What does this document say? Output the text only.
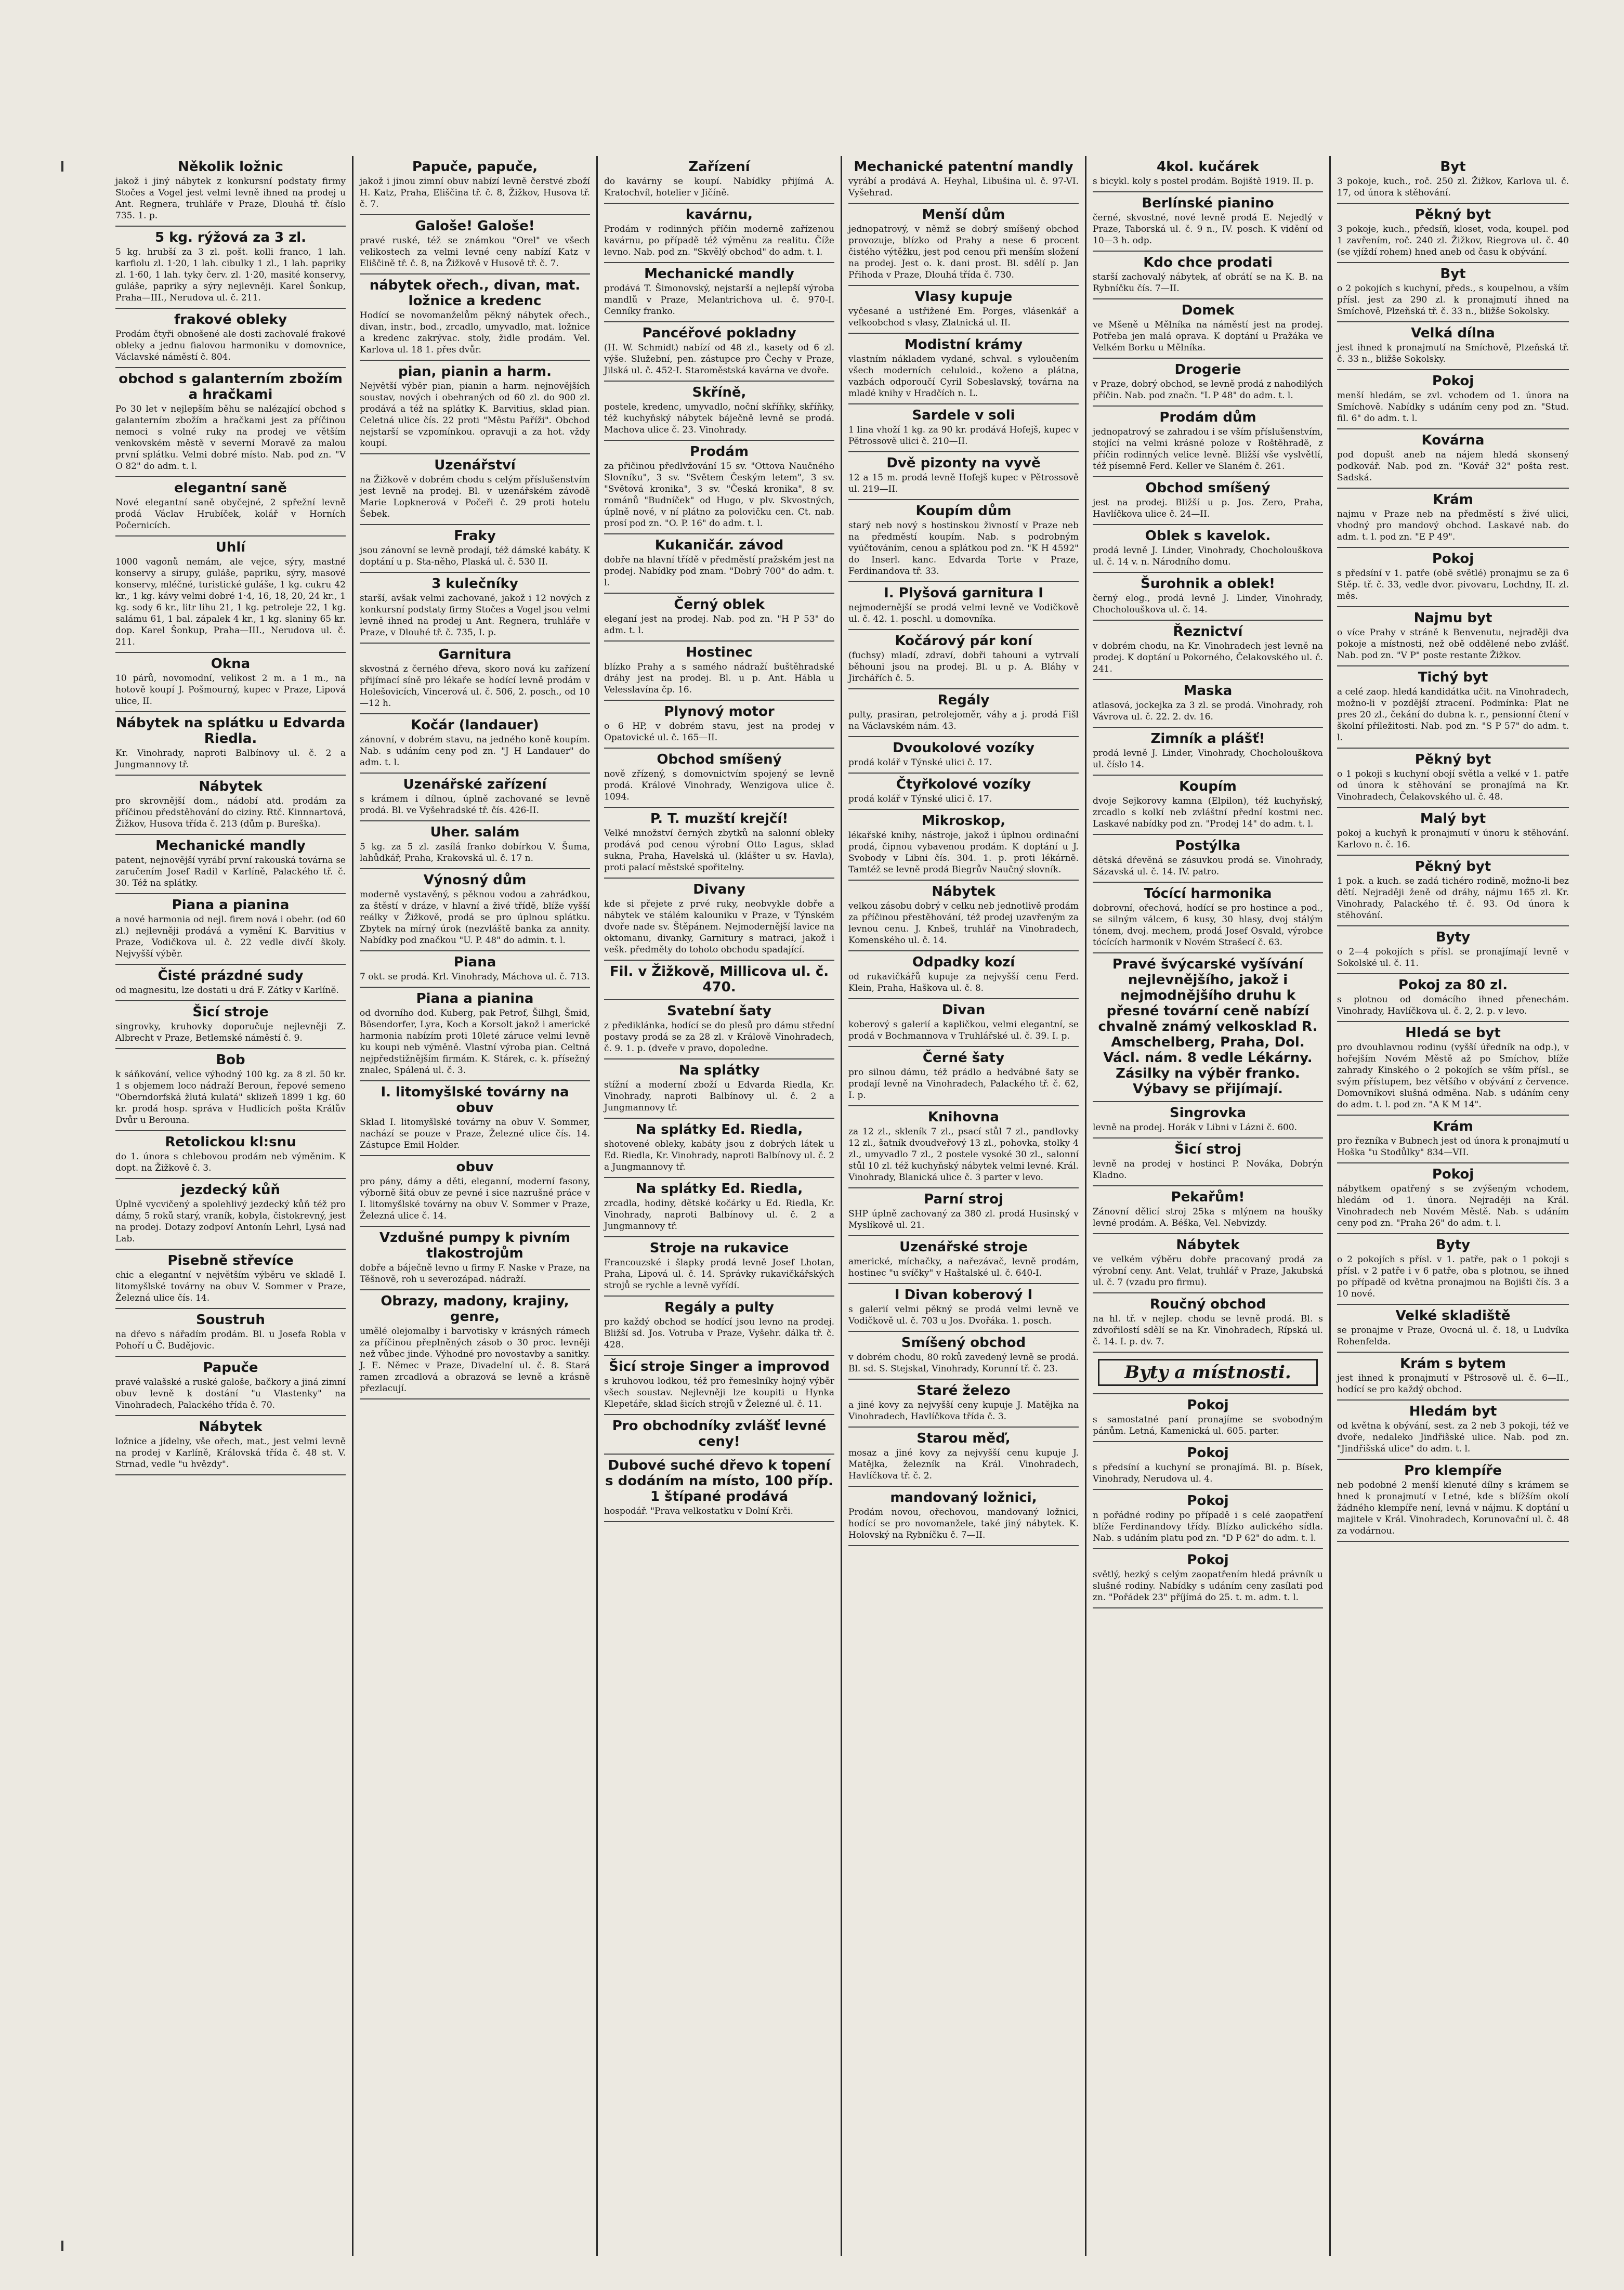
Několik ložnic

jakož i jiný nábytek z konkursní podstaty firmy Stočes a Vogel jest velmi levně ihned na prodej u Ant. Regnera, truhláře v Praze, Dlouhá tř. číslo 735. 1. p.

5 kg. rýžová za 3 zl.

5 kg. hrubší za 3 zl. pošt. kolli franco, 1 lah. karfiolu zl. 1·20, 1 lah. cibulky 1 zl., 1 lah. papriky zl. 1·60, 1 lah. tyky červ. zl. 1·20, masité konservy, guláše, papriky a sýry nejlevněji. Karel Šonkup, Praha—III., Nerudova ul. č. 211.

frakové obleky

Prodám čtyři obnošené ale dosti zachovalé frakové obleky a jednu fialovou harmoniku v domovnice, Václavské náměstí č. 804.

obchod s galanterním zbožím a hračkami

Po 30 let v nejlepším běhu se nalézající obchod s galanterním zbožím a hračkami jest za příčinou nemoci s volné ruky na prodej ve větším venkovském městě v severní Moravě za malou první splátku. Velmi dobré místo. Nab. pod zn. "V O 82" do adm. t. l.

elegantní saně

Nové elegantní saně obyčejné, 2 spřežní levně prodá Václav Hrubíček, kolář v Horních Počernicích.

Uhlí

1000 vagonů nemám, ale vejce, sýry, mastné konservy a sirupy, guláše, papriku, sýry, masové konservy, mléčné, turistické guláše, 1 kg. cukru 42 kr., 1 kg. kávy velmi dobré 1·4, 16, 18, 20, 24 kr., 1 kg. sody 6 kr., litr lihu 21, 1 kg. petroleje 22, 1 kg. salámu 61, 1 bal. zápalek 4 kr., 1 kg. slaniny 65 kr. dop. Karel Šonkup, Praha—III., Nerudova ul. č. 211.

Okna

10 párů, novomodní, velikost 2 m. a 1 m., na hotově koupí J. Pošmourný, kupec v Praze, Lipová ulice, II.

Nábytek na splátku u Edvarda Riedla.

Kr. Vinohrady, naproti Balbínovy ul. č. 2 a Jungmannovy tř.

Nábytek

pro skrovnější dom., nádobí atd. prodám za příčinou předstěhování do ciziny. Rtč. Kinnnartová, Žižkov, Husova třída č. 213 (dům p. Bureška).

Mechanické mandly

patent, nejnovější vyrábí první rakouská továrna se zaručením Josef Radil v Karlíně, Palackého tř. č. 30. Též na splátky.

Piana a pianina

a nové harmonia od nejl. firem nová i obehr. (od 60 zl.) nejlevněji prodává a vymění K. Barvitius v Praze, Vodičkova ul. č. 22 vedle divčí školy. Nejvyšší výběr.

Čisté prázdné sudy

od magnesitu, lze dostati u drá F. Zátky v Karlíně.

Šicí stroje

singrovky, kruhovky doporučuje nejlevněji Z. Albrecht v Praze, Betlemské náměstí č. 9.

Bob

k sáňkování, velice výhodný 100 kg. za 8 zl. 50 kr. 1 s objemem loco nádraží Beroun, řepové semeno "Oberndorfská žlutá kulatá" sklizeň 1899 1 kg. 60 kr. prodá hosp. správa v Hudlicích pošta Králův Dvůr u Berouna.

Retolickou kl:snu

do 1. února s chlebovou prodám neb výměnim. K dopt. na Žižkově č. 3.

jezdecký kůň

Úplně vycvičený a spolehlivý jezdecký kůň též pro dámy, 5 roků starý, vraník, kobyla, čistokrevný, jest na prodej. Dotazy zodpoví Antonín Lehrl, Lysá nad Lab.

Pisebně střevíce

chic a elegantní v největším výběru ve skladě I. litomyšlské továrny na obuv V. Sommer v Praze, Železná ulice čís. 14.

Soustruh

na dřevo s nářadím prodám. Bl. u Josefa Robla v Pohoří u Č. Budějovic.

Papuče

pravé valašské a ruské galoše, bačkory a jiná zimní obuv levně k dostání "u Vlastenky" na Vinohradech, Palackého třída č. 70.

Nábytek

ložnice a jídelny, vše ořech, mat., jest velmi levně na prodej v Karlíně, Královská třída č. 48 st. V. Strnad, vedle "u hvězdy".

Papuče, papuče,

jakož i jinou zimní obuv nabízí levně čerstvé zboží H. Katz, Praha, Eliščina tř. č. 8, Žižkov, Husova tř. č. 7.

Galoše! Galoše!

pravé ruské, též se známkou "Orel" ve všech velikostech za velmi levné ceny nabízí Katz v Eliščině tř. č. 8, na Žižkově v Husově tř. č. 7.

nábytek ořech., divan, mat. ložnice a kredenc

Hodící se novomanželům pěkný nábytek ořech., divan, instr., bod., zrcadlo, umyvadlo, mat. ložnice a kredenc zakrývac. stoly, židle prodám. Vel. Karlova ul. 18 1. přes dvůr.

pian, pianin a harm.

Největší výběr pian, pianin a harm. nejnovějších soustav, nových i obehraných od 60 zl. do 900 zl. prodává a též na splátky K. Barvitius, sklad pian. Celetná ulice čís. 22 proti "Městu Paříži". Obchod nejstarší se vzpomínkou. opravuji a za hot. vždy koupí.

Uzenářství

na Žižkově v dobrém chodu s celým příslušenstvím jest levně na prodej. Bl. v uzenářském závodě Marie Lopknerová v Počeři č. 29 proti hotelu Šebek.

Fraky

jsou zánovní se levně prodají, též dámské kabáty. K doptání u p. Sta-něho, Plaská ul. č. 530 II.

3 kulečníky

starší, avšak velmi zachované, jakož i 12 nových z konkursní podstaty firmy Stočes a Vogel jsou velmi levně ihned na prodej u Ant. Regnera, truhláře v Praze, v Dlouhé tř. č. 735, I. p.

Garnitura

skvostná z černého dřeva, skoro nová ku zařízení přijímací síně pro lékaře se hodící levně prodám v Holešovicích, Vincerová ul. č. 506, 2. posch., od 10—12 h.

Kočár (landauer)

zánovní, v dobrém stavu, na jedného koně koupím. Nab. s udáním ceny pod zn. "J H Landauer" do adm. t. l.

Uzenářské zařízení

s krámem i dílnou, úplně zachované se levně prodá. Bl. ve Vyšehradské tř. čís. 426-II.

Uher. salám

5 kg. za 5 zl. zasílá franko dobírkou V. Šuma, lahůdkář, Praha, Krakovská ul. č. 17 n.

Výnosný dům

moderně vystavěný, s pěknou vodou a zahrádkou, za štěstí v dráze, v hlavní a živé třídě, blíže vyšší reálky v Žižkově, prodá se pro úplnou splátku. Zbytek na mírný úrok (nezvláště banka za annity. Nabídky pod značkou "U. P. 48" do admin. t. l.

Piana

7 okt. se prodá. Krl. Vinohrady, Máchova ul. č. 713.

Piana a pianina

od dvorního dod. Kuberg, pak Petrof, Šilhgl, Šmid, Bösendorfer, Lyra, Koch a Korsolt jakož i americké harmonia nabízím proti 10leté záruce velmi levně ku koupi neb výměně. Vlastní výroba pian. Celtná nejpředstižnějším firmám. K. Stárek, c. k. přísežný znalec, Spálená ul. č. 3.

I. litomyšlské továrny na obuv

Sklad I. litomyšlské továrny na obuv V. Sommer, nachází se pouze v Praze, Železné ulice čís. 14. Zástupce Emil Holder.

obuv

pro pány, dámy a děti, eleganní, moderní fasony, výborně šitá obuv ze pevné i sice nazrušné práce v I. litomyšlské továrny na obuv V. Sommer v Praze, Železná ulice č. 14.

Vzdušné pumpy k pivním tlakostrojům

dobře a báječně levno u firmy F. Naske v Praze, na Těšnově, roh u severozápad. nádraží.

Obrazy, madony, krajiny, genre,

umělé olejomalby i barvotisky v krásných rámech za příčinou přeplněných zásob o 30 proc. levněji než vůbec jinde. Výhodné pro novostavby a sanitky. J. E. Němec v Praze, Divadelní ul. č. 8. Stará ramen zrcadlová a obrazová se levně a krásně přezlacují.

Zařízení

do kavárny se koupí. Nabídky přijímá A. Kratochvíl, hotelier v Jičíně.

kavárnu,

Prodám v rodinných příčin moderně zařízenou kavárnu, po případě též výměnu za realitu. Číže levno. Nab. pod zn. "Skvělý obchod" do adm. t. l.

Mechanické mandly

prodává T. Šimonovský, nejstarší a nejlepší výroba mandlů v Praze, Melantrichova ul. č. 970-I. Cenníky franko.

Pancéřové pokladny

(H. W. Schmidt) nabízí od 48 zl., kasety od 6 zl. výše. Služební, pen. zástupce pro Čechy v Praze, Jilská ul. č. 452-I. Staroměstská kavárna ve dvoře.

Skříně,

postele, kredenc, umyvadlo, noční skříňky, skříňky, též kuchyňský nábytek báječně levně se prodá. Machova ulice č. 23. Vinohrady.

Prodám

za přičinou předlvžování 15 sv. "Ottova Naučného Slovníku", 3 sv. "Světem Českým letem", 3 sv. "Světová kronika", 3 sv. "Česká kronika", 8 sv. románů "Budníček" od Hugo, v plv. Skvostných, úplně nové, v ní plátno za polovičku cen. Ct. nab. prosí pod zn. "O. P. 16" do adm. t. l.

Kukaničár. závod

dobře na hlavní třídě v předměstí pražském jest na prodej. Nabídky pod znam. "Dobrý 700" do adm. t. l.

Černý oblek

eleganí jest na prodej. Nab. pod zn. "H P 53" do adm. t. l.

Hostinec

blízko Prahy a s samého nádraží buštěhradské dráhy jest na prodej. Bl. u p. Ant. Hábla u Velesslavína čp. 16.

Plynový motor

o 6 HP, v dobrém stavu, jest na prodej v Opatovické ul. č. 165—II.

Obchod smíšený

nově zřízený, s domovnictvím spojený se levně prodá. Králové Vinohrady, Wenzigova ulice č. 1094.

P. T. muzští krejčí!

Velké množství černých zbytků na salonní obleky prodává pod cenou výrobní Otto Lagus, sklad sukna, Praha, Havelská ul. (klášter u sv. Havla), proti palací městské spořitelny.

Divany

kde si přejete z prvé ruky, neobvykle dobře a nábytek ve stálém kalouniku v Praze, v Týnském dvoře nade sv. Štěpánem. Nejmodernější lavice na oktomanu, divanky, Garnitury s matraci, jakož i vešk. předměty do tohoto obchodu spadající.

Fil. v Žižkově, Millicova ul. č. 470.
Svatební šaty

z přediklánka, hodící se do plesů pro dámu střední postavy prodá se za 28 zl. v Králově Vinohradech, č. 9. 1. p. (dveře v pravo, dopoledne.

Na splátky

stížní a moderní zboží u Edvarda Riedla, Kr. Vinohrady, naproti Balbínovy ul. č. 2 a Jungmannovy tř.

Na splátky Ed. Riedla,

shotovené obleky, kabáty jsou z dobrých látek u Ed. Riedla, Kr. Vinohrady, naproti Balbínovy ul. č. 2 a Jungmannovy tř.

Na splátky Ed. Riedla,

zrcadla, hodiny, dětské kočárky u Ed. Riedla, Kr. Vinohrady, naproti Balbínovy ul. č. 2 a Jungmannovy tř.

Stroje na rukavice

Francouzské i šlapky prodá levně Josef Lhotan, Praha, Lipová ul. č. 14. Správky rukavičkářských strojů se rychle a levně vyřídí.

Regály a pulty

pro každý obchod se hodící jsou levno na prodej. Bližší sd. Jos. Votruba v Praze, Vyšehr. dálka tř. č. 428.

Šicí stroje Singer a improvod

s kruhovou lodkou, též pro řemeslníky hojný výběr všech soustav. Nejlevněji lze koupiti u Hynka Klepetáře, sklad šicích strojů v Železné ul. č. 11.

Pro obchodníky zvlášť levné ceny!
Dubové suché dřevo k topení s dodáním na místo, 100 příp. 1 štípané prodává

hospodář. "Prava velkostatku v Dolní Krči.

Mechanické patentní mandly

vyrábí a prodává A. Heyhal, Libušina ul. č. 97-VI. Vyšehrad.

Menší dům

jednopatrový, v němž se dobrý smíšený obchod provozuje, blízko od Prahy a nese 6 procent čistého výtěžku, jest pod cenou při menším složení na prodej. Jest o. k. dani prost. Bl. sdělí p. Jan Přihoda v Praze, Dlouhá třída č. 730.

Vlasy kupuje

vyčesané a ustřižené Em. Porges, vlásenkář a velkoobchod s vlasy, Zlatnická ul. II.

Modistní krámy

vlastním nákladem vydané, schval. s vyloučením všech moderních celuloid., koženo a plátna, vazbách odporoučí Cyril Sobeslavský, továrna na mladé knihy v Hradčích n. L.

Sardele v soli

1 lina vhoží 1 kg. za 90 kr. prodává Hofejš, kupec v Pětrossově ulici č. 210—II.

Dvě pizonty na vyvě

12 a 15 m. prodá levně Hofejš kupec v Pětrossově ul. 219—II.

Koupím dům

starý neb nový s hostinskou živností v Praze neb na předměstí koupím. Nab. s podrobným vyúčtováním, cenou a splátkou pod zn. "K H 4592" do Inserl. kanc. Edvarda Torte v Praze, Ferdinandova tř. 33.

I. Plyšová garnitura I

nejmodernější se prodá velmi levně ve Vodičkově ul. č. 42. 1. poschl. u domovníka.

Kočárový pár koní

(fuchsy) mladí, zdraví, dobři tahouni a vytrvalí běhouni jsou na prodej. Bl. u p. A. Bláhy v Jirchářích č. 5.

Regály

pulty, prasiran, petrolejoměr, váhy a j. prodá Fišl na Václavském nám. 43.

Dvoukolové vozíky

prodá kolář v Týnské ulici č. 17.

Čtyřkolové vozíky

prodá kolář v Týnské ulici č. 17.

Mikroskop,

lékařské knihy, nástroje, jakož i úplnou ordinační prodá, čipnou vybavenou prodám. K doptání u J. Svobody v Libni čís. 304. 1. p. proti lékárně. Tamtéž se levně prodá Biegrův Naučný slovník.

Nábytek

velkou zásobu dobrý v celku neb jednotlivě prodám za příčinou přestěhování, též prodej uzavřeným za levnou cenu. J. Knbeš, truhlář na Vinohradech, Komenského ul. č. 14.

Odpadky kozí

od rukavičkářů kupuje za nejvyšší cenu Ferd. Klein, Praha, Haškova ul. č. 8.

Divan

koberový s galerií a kapličkou, velmi elegantní, se prodá v Bochmannova v Truhlářské ul. č. 39. I. p.

Černé šaty

pro silnou dámu, též prádlo a hedvábné šaty se prodají levně na Vinohradech, Palackého tř. č. 62, I. p.

Knihovna

za 12 zl., skleník 7 zl., psací stůl 7 zl., pandlovky 12 zl., šatník dvoudveřový 13 zl., pohovka, stolky 4 zl., umyvadlo 7 zl., 2 postele vysoké 30 zl., salonní stůl 10 zl. též kuchyňský nábytek velmi levné. Král. Vinohrady, Blanická ulice č. 3 parter v levo.

Parní stroj

SHP úplně zachovaný za 380 zl. prodá Husinský v Myslíkově ul. 21.

Uzenářské stroje

americké, míchačky, a nařezávač, levně prodám, hostinec "u svíčky" v Haštalské ul. č. 640-I.

I Divan koberový I

s galerií velmi pěkný se prodá velmi levně ve Vodičkově ul. č. 703 u Jos. Dvořáka. 1. posch.

Smíšený obchod

v dobrém chodu, 80 roků zavedený levně se prodá. Bl. sd. S. Stejskal, Vinohrady, Korunní tř. č. 23.

Staré železo

a jiné kovy za nejvyšší ceny kupuje J. Matějka na Vinohradech, Havlíčkova třída č. 3.

Starou měď,

mosaz a jiné kovy za nejvyšší cenu kupuje J. Matějka, železník na Král. Vinohradech, Havlíčkova tř. č. 2.

mandovaný ložnici,

Prodám novou, ořechovou, mandovaný ložnici, hodící se pro novomanžele, také jiný nábytek. K. Holovský na Rybníčku č. 7—II.

4kol. kučárek

s bicykl. koly s postel prodám. Bojiště 1919. II. p.

Berlínské pianino

černé, skvostné, nové levně prodá E. Nejedlý v Praze, Taborská ul. č. 9 n., IV. posch. K vidění od 10—3 h. odp.

Kdo chce prodati

starší zachovalý nábytek, ať obrátí se na K. B. na Rybníčku čís. 7—II.

Domek

ve Mšeně u Mělníka na náměstí jest na prodej. Potřeba jen malá oprava. K doptání u Pražáka ve Velkém Borku u Mělníka.

Drogerie

v Praze, dobrý obchod, se levně prodá z nahodilých příčin. Nab. pod značn. "L P 48" do adm. t. l.

Prodám dům

jednopatrový se zahradou i se vším příslušenstvím, stojící na velmi krásné poloze v Roštěhradě, z příčin rodinných velice levně. Bližší vše vyslvětlí, též písemně Ferd. Keller ve Slaném č. 261.

Obchod smíšený

jest na prodej. Bližší u p. Jos. Zero, Praha, Havlíčkova ulice č. 24—II.

Oblek s kavelok.

prodá levně J. Linder, Vinohrady, Chocholouškova ul. č. 14 v. n. Národního domu.

Šurohnik a oblek!

černý elog., prodá levně J. Linder, Vinohrady, Chocholouškova ul. č. 14.

Řeznictví

v dobrém chodu, na Kr. Vinohradech jest levně na prodej. K doptání u Pokorného, Čelakovského ul. č. 241.

Maska

atlasová, jockejka za 3 zl. se prodá. Vinohrady, roh Vávrova ul. č. 22. 2. dv. 16.

Zimník a plášť!

prodá levně J. Linder, Vinohrady, Chocholouškova ul. číslo 14.

Koupím

dvoje Sejkorovy kamna (Elpilon), též kuchyňský, zrcadlo s kolkí neb zvláštní přední kostmi nec. Laskavé nabídky pod zn. "Prodej 14" do adm. t. l.

Postýlka

dětská dřevěná se zásuvkou prodá se. Vinohrady, Sázavská ul. č. 14. IV. patro.

Tócící harmonika

dobrovní, ořechová, hodící se pro hostince a pod., se silným válcem, 6 kusy, 30 hlasy, dvoj stálým tónem, dvoj. mechem, prodá Josef Osvald, výrobce tócících harmonik v Novém Strašecí č. 63.

Pravé švýcarské vyšívání nejlevnějšího, jakož i nejmodnějšího druhu k přesné tovární ceně nabízí chvalně známý velkosklad R. Amschelberg, Praha, Dol. Václ. nám. 8 vedle Lékárny. Zásilky na výběr franko. Výbavy se přijímají.
Singrovka

levně na prodej. Horák v Libni v Lázni č. 600.

Šicí stroj

levně na prodej v hostinci P. Nováka, Dobrýn Kladno.

Pekařům!

Zánovní dělicí stroj 25ka s mlýnem na houšky levné prodám. A. Béška, Vel. Nebvizdy.

Nábytek

ve velkém výběru dobře pracovaný prodá za výrobní ceny. Ant. Velat, truhlář v Praze, Jakubská ul. č. 7 (vzadu pro firmu).

Roučný obchod

na hl. tř. v nejlep. chodu se levně prodá. Bl. s zdvořilostí sdělí se na Kr. Vinohradech, Rípská ul. č. 14. I. p. dv. 7.

Byty a místnosti.
Pokoj

s samostatné paní pronajíme se svobodným pánům. Letná, Kamenická ul. 605. parter.

Pokoj

s předsíní a kuchyní se pronajímá. Bl. p. Bísek, Vinohrady, Nerudova ul. 4.

Pokoj

n pořádné rodiny po případě i s celé zaopatření blíže Ferdinandovy třídy. Blízko aulického sídla. Nab. s udáním platu pod zn. "D P 62" do adm. t. l.

Pokoj

světlý, hezký s celým zaopatřením hledá právník u slušné rodiny. Nabídky s udáním ceny zasílati pod zn. "Pořádek 23" příjímá do 25. t. m. adm. t. l.

Byt

3 pokoje, kuch., roč. 250 zl. Žižkov, Karlova ul. č. 17, od února k stěhování.

Pěkný byt

3 pokoje, kuch., předsíň, kloset, voda, koupel. pod 1 zavřením, roč. 240 zl. Žižkov, Riegrova ul. č. 40 (se vjíždí rohem) hned aneb od času k obývání.

Byt

o 2 pokojích s kuchyní, předs., s koupelnou, a vším přísl. jest za 290 zl. k pronajmutí ihned na Smíchově, Plzeňská tř. č. 33 n., bližše Sokolsky.

Velká dílna

jest ihned k pronajmutí na Smíchově, Plzeňská tř. č. 33 n., bližše Sokolsky.

Pokoj

menší hledám, se zvl. vchodem od 1. února na Smíchově. Nabídky s udáním ceny pod zn. "Stud. fil. 6" do adm. t. l.

Kovárna

pod dopušt aneb na nájem hledá skonsený podkovář. Nab. pod zn. "Kovář 32" pošta rest. Sadská.

Krám

najmu v Praze neb na předměstí s živé ulici, vhodný pro mandový obchod. Laskavé nab. do adm. t. l. pod zn. "E P 49".

Pokoj

s předsíní v 1. patře (obě světlé) pronajmu se za 6 Stěp. tř. č. 33, vedle dvor. pivovaru, Lochdny, II. zl. měs.

Najmu byt

o více Prahy v stráně k Benvenutu, nejraději dva pokoje a místnosti, než obě oddělené nebo zvlášť. Nab. pod zn. "V P" poste restante Žižkov.

Tichý byt

a celé zaop. hledá kandidátka učit. na Vinohradech, možno-li v pozdější ztracení. Podmínka: Plat ne pres 20 zl., čekání do dubna k. r., pensionní čtení v školní příležitosti. Nab. pod zn. "S P 57" do adm. t. l.

Pěkný byt

o 1 pokoji s kuchyní obojí světla a velké v 1. patře od února k stěhování se pronajímá na Kr. Vinohradech, Čelakovského ul. č. 48.

Malý byt

pokoj a kuchyň k pronajmutí v únoru k stěhování. Karlovo n. č. 16.

Pěkný byt

1 pok. a kuch. se zadá tichéro rodině, možno-li bez dětí. Nejraději ženě od dráhy, nájmu 165 zl. Kr. Vinohrady, Palackého tř. č. 93. Od února k stěhování.

Byty

o 2—4 pokojích s přísl. se pronajímají levně v Sokolské ul. č. 11.

Pokoj za 80 zl.

s plotnou od domácího ihned přenechám. Vinohrady, Havlíčkova ul. č. 2, 2. p. v levo.

Hledá se byt

pro dvouhlavnou rodinu (vyšší úředník na odp.), v hořejším Novém Městě až po Smíchov, blíže zahrady Kinského o 2 pokojích se vším přísl., se svým přístupem, bez většího v obývání z července. Domovníkovi slušná odměna. Nab. s udáním ceny do adm. t. l. pod zn. "A K M 14".

Krám

pro řezníka v Bubnech jest od února k pronajmutí u Hoška "u Stodůlky" 834—VII.

Pokoj

nábytkem opatřený s se zvýšeným vchodem, hledám od 1. února. Nejraději na Král. Vinohradech neb Novém Městě. Nab. s udáním ceny pod zn. "Praha 26" do adm. t. l.

Byty

o 2 pokojích s přísl. v 1. patře, pak o 1 pokoji s přísl. v 2 patře i v 6 patře, oba s plotnou, se ihned po případě od května pronajmou na Bojišti čís. 3 a 10 nové.

Velké skladiště

se pronajme v Praze, Ovocná ul. č. 18, u Ludvíka Rohenfelda.

Krám s bytem

jest ihned k pronajmutí v Pštrosově ul. č. 6—II., hodící se pro každý obchod.

Hledám byt

od května k obývání, sest. za 2 neb 3 pokoji, též ve dvoře, nedaleko Jindřišské ulice. Nab. pod zn. "Jindřišská ulice" do adm. t. l.

Pro klempíře

neb podobné 2 menší klenuté dílny s krámem se hned k pronajmutí v Letné, kde s blížším okolí žádného klempíře není, levná v nájmu. K doptání u majitele v Král. Vinohradech, Korunovační ul. č. 48 za vodárnou.
